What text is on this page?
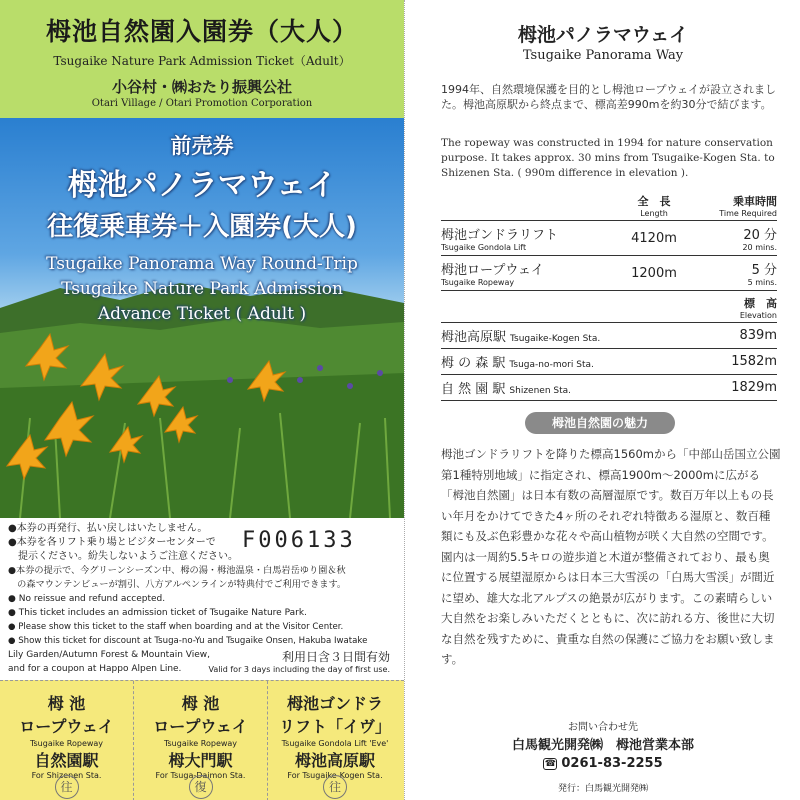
栂池自然園入園券（大人）
Tsugaike Nature Park Admission Ticket（Adult）
小谷村・㈱おたり振興公社
Otari Village / Otari Promotion Corporation
前売券
栂池パノラマウェイ
往復乗車券＋入園券(大人)
Tsugaike Panorama Way Round-Trip
Tsugaike Nature Park Admission
Advance Ticket ( Adult )
●本券の再発行、払い戻しはいたしません。
●本券を各リフト乗り場とビジターセンターで
　提示ください。紛失しないようご注意ください。
●本券の提示で、今グリーンシーズン中、栂の湯・栂池温泉・白馬岩岳ゆり園＆秋
　の森マウンテンビューが割引、八方アルペンラインが特典付でご利用できます。
● No reissue and refund accepted.
● This ticket includes an admission ticket of Tsugaike Nature Park.
● Please show this ticket to the staff when boarding and at the Visitor Center.
● Show this ticket for discount at Tsuga-no-Yu and Tsugaike Onsen, Hakuba Iwatake
Lily Garden/Autumn Forest & Mountain View,
and for a coupon at Happo Alpen Line.
F006133
利用日含３日間有効
Valid for 3 days including the day of first use.
栂 池
ロープウェイ
Tsugaike Ropeway
自然園駅
For Shizenen Sta.
往
栂 池
ロープウェイ
Tsugaike Ropeway
栂大門駅
For Tsuga-Daimon Sta.
復
栂池ゴンドラ
リフト「イヴ」
Tsugaike Gondola Lift 'Eve'
栂池高原駅
For Tsugaike-Kogen Sta.
往
栂池パノラマウェイ
Tsugaike Panorama Way
1994年、自然環境保護を目的とし栂池ロープウェイが設立されました。栂池高原駅から終点まで、標高差990mを約30分で結びます。
The ropeway was constructed in 1994 for nature conservation purpose. It takes approx. 30 mins from Tsugaike-Kogen Sta. to Shizenen Sta. ( 990m difference in elevation ).
	全　長
Length	乗車時間
Time Required

栂池ゴンドラリフト
Tsugaike Gondola Lift	4120m	20 分
20 mins.

栂池ロープウェイ
Tsugaike Ropeway	1200m	5 分
5 mins.
	標　高
Elevation

栂池高原駅 Tsugaike-Kogen Sta.	839m
栂 の 森 駅 Tsuga-no-mori Sta.	1582m
自 然 園 駅 Shizenen Sta.	1829m
栂池自然園の魅力
栂池ゴンドラリフトを降りた標高1560mから「中部山岳国立公園 第1種特別地域」に指定され、標高1900m～2000mに広がる「栂池自然園」は日本有数の高層湿原です。数百万年以上もの長い年月をかけてできた4ヶ所のそれぞれ特徴ある湿原と、数百種類にも及ぶ色彩豊かな花々や高山植物が咲く大自然の空間です。園内は一周約5.5キロの遊歩道と木道が整備されており、最も奥に位置する展望湿原からは日本三大雪渓の「白馬大雪渓」が間近に望め、雄大な北アルプスの絶景が広がります。この素晴らしい大自然をお楽しみいただくとともに、次に訪れる方、後世に大切な自然を残すために、貴重な自然の保護にご協力をお願い致します。
お問い合わせ先
白馬観光開発㈱　栂池営業本部
☎ 0261-83-2255
発行：白馬観光開発㈱
